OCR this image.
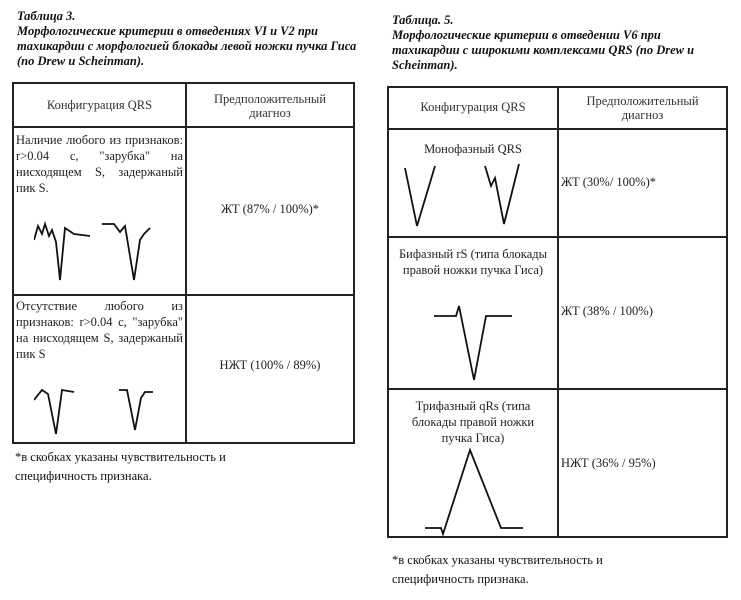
Таблица 3.
Морфологические критерии в отведениях VI и V2 при тахикардии с морфологией блокады левой ножки пучка Гиса (по Drew и Scheinman).
Конфигурация QRS	Предположительный диагноз

Наличие любого из признаков: r>0.04 с, "зарубка" на нисходящем S, задержаный пик S.	ЖТ (87% / 100%)*

Отсутствие любого из признаков: r>0.04 с, "зарубка" на нисходящем S, задержаный пик S	НЖТ (100% / 89%)
*в скобках указаны чувствительность и специфичность признака.
Таблица. 5.
Морфологические критерии в отведении V6 при тахикардии с широкими комплексами QRS (по Drew и Scheinman).
Конфигурация QRS	Предположительный диагноз

Монофазный QRS	ЖТ (30%/ 100%)*

Бифазный rS (типа блокады правой ножки пучка Гиса)	ЖТ (38% / 100%)

Трифазный qRs (типа блокады правой ножки пучка Гиса)	НЖТ (36% / 95%)
*в скобках указаны чувствительность и специфичность признака.
